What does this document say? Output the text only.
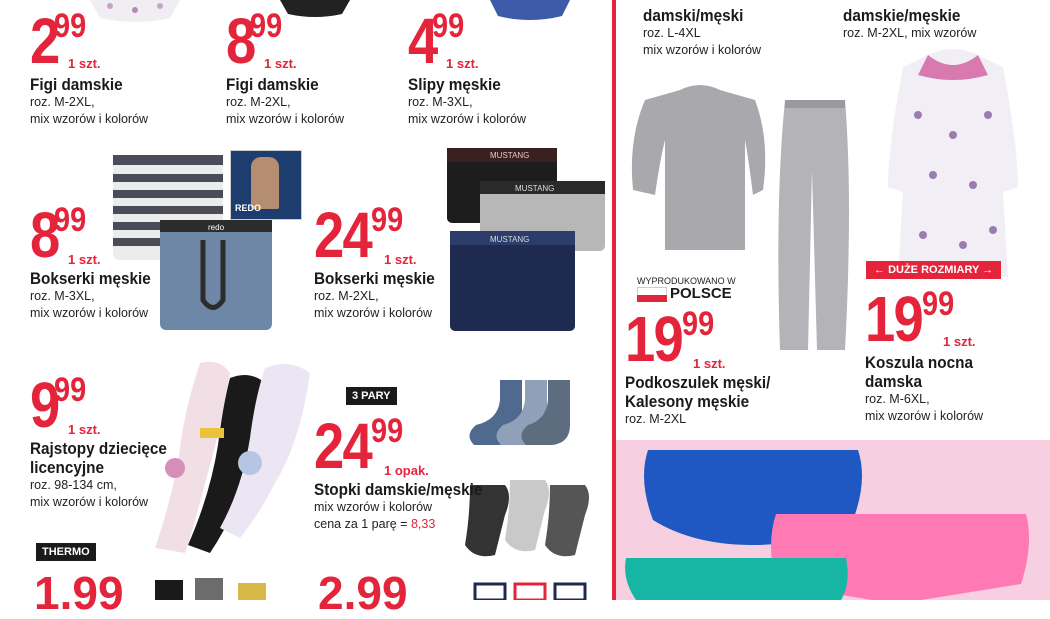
299
1 szt.
Figi damskie
roz. M-2XL,
mix wzorów i kolorów
899
1 szt.
Figi damskie
roz. M-2XL,
mix wzorów i kolorów
499
1 szt.
Slipy męskie
roz. M-3XL,
mix wzorów i kolorów
redo
REDO
MUSTANG
MUSTANG
MUSTANG
899
1 szt.
Bokserki męskie
roz. M-3XL,
mix wzorów i kolorów
2499
1 szt.
Bokserki męskie
roz. M-2XL,
mix wzorów i kolorów
3 PARY
999
1 szt.
Rajstopy dziecięce
licencyjne
roz. 98-134 cm,
mix wzorów i kolorów
2499
1 opak.
Stopki damskie/męskie
mix wzorów i kolorów
cena za 1 parę = 8,33
THERMO
1.99	2.99
damski/męski
roz. L-4XL
mix wzorów i kolorów
damskie/męskie
roz. M-2XL, mix wzorów
← DUŻE ROZMIARY →
WYPRODUKOWANO W
POLSCE
1999
1 szt.
Podkoszulek męski/
Kalesony męskie
roz. M-2XL
1999
1 szt.
Koszula nocna
damska
roz. M-6XL,
mix wzorów i kolorów
